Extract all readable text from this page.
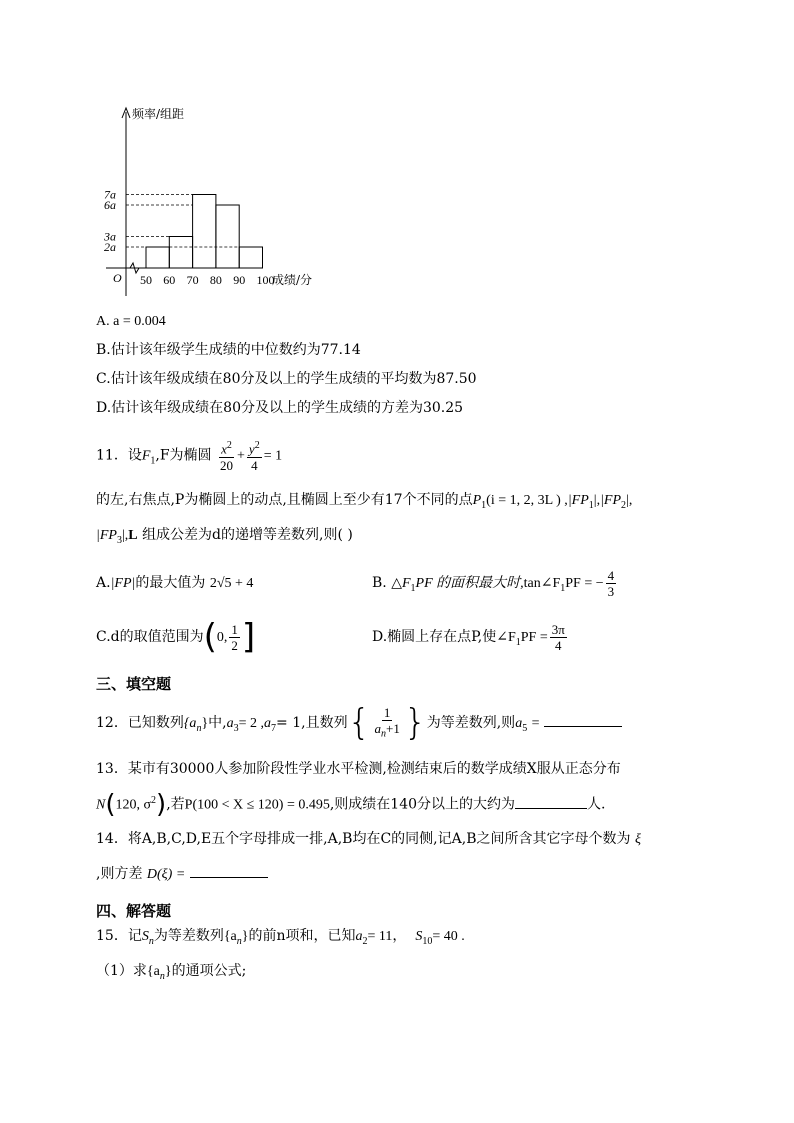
频率/组距
O
2a
3a
6a
7a
50 60 70 80 90 100
成绩/分
A. a = 0.004
B.估计该年级学生成绩的中位数约为77.14
C.估计该年级成绩在80分及以上的学生成绩的平均数为87.50
D.估计该年级成绩在80分及以上的学生成绩的方差为30.25
11．设$F_1,F$为椭圆 $\frac{x^2}{20} + \frac{y^2}{4} = 1$
的左,右焦点,P为椭圆上的动点,且椭圆上至少有17个不同的点$P_1(i = 1$, 2, 3L ) $,|FP_1|,|FP_2|$,
$|FP_3|,L$ 组成公差为d的递增等差数列,则( )
A.|FP|的最大值为 2√5 + 4	B. $\triangle F_1PF$ 的面积最大时$,\tan\angle F_1PF$ = − $\frac{4}{3}$
C.d的取值范围为(0, $\frac{1}{2}$ ]	D.椭圆上存在点P,使$\angle F_1PF = \frac{3\pi}{4}$
三、填空题
12．已知数列$\{a_n\}$中$,a_3= 2$ $,a_7= 1$,且数列{ $\frac{1}{a_n+1}$ }为等差数列,则$a_5$ =
13．某市有30000人参加阶段性学业水平检测,检测结束后的数学成绩X服从正态分布
N(120, $\sigma^2$),若P(100 < X ≤ 120) = 0.495,则成绩在140分以上的大约为	人.
14．将A,B,C,D,E五个字母排成一排,A,B均在C的同侧,记A,B之间所含其它字母个数为 ξ
,则方差 D(ξ) =
四、解答题
15．记$S_n$为等差数列$\{a_n\}$的前n项和，已知$a_2= 11$， $S_{10}= 40$ .
（1）求$\{a_n\}$的通项公式;
